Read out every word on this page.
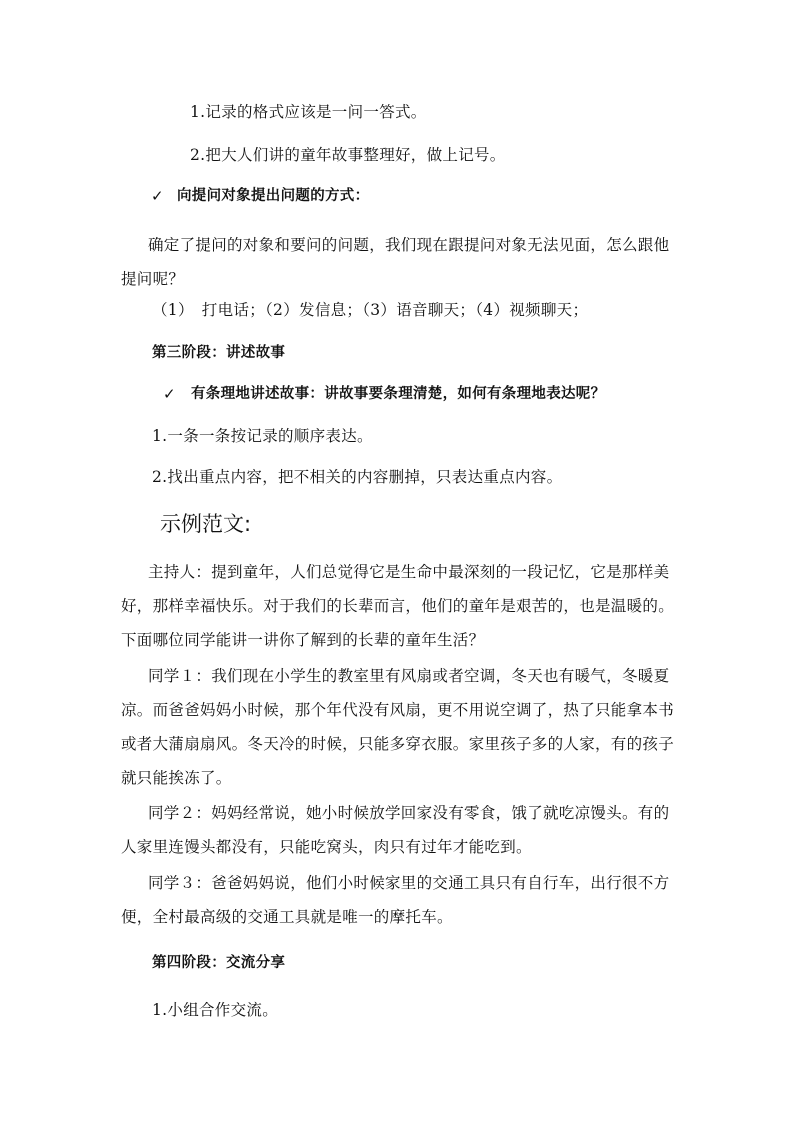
1.记录的格式应该是一问一答式。

2.把大人们讲的童年故事整理好，做上记号。

✓ 向提问对象提出问题的方式：

确定了提问的对象和要问的问题，我们现在跟提问对象无法见面，怎么跟他
提问呢？

（1）　打电话；（2）发信息；（3）语音聊天；（4）视频聊天；

第三阶段：讲述故事

✓ 有条理地讲述故事：讲故事要条理清楚，如何有条理地表达呢？

1.一条一条按记录的顺序表达。

2.找出重点内容，把不相关的内容删掉，只表达重点内容。

示例范文:
主持人：提到童年，人们总觉得它是生命中最深刻的一段记忆，它是那样美
好，那样幸福快乐。对于我们的长辈而言，他们的童年是艰苦的，也是温暖的。
下面哪位同学能讲一讲你了解到的长辈的童年生活？
同学１：我们现在小学生的教室里有风扇或者空调，冬天也有暖气，冬暖夏
凉。而爸爸妈妈小时候，那个年代没有风扇，更不用说空调了，热了只能拿本书
或者大蒲扇扇风。冬天冷的时候，只能多穿衣服。家里孩子多的人家，有的孩子
就只能挨冻了。
同学２：妈妈经常说，她小时候放学回家没有零食，饿了就吃凉馒头。有的
人家里连馒头都没有，只能吃窝头，肉只有过年才能吃到。
同学３：爸爸妈妈说，他们小时候家里的交通工具只有自行车，出行很不方
便，全村最高级的交通工具就是唯一的摩托车。

第四阶段：交流分享

1.小组合作交流。
